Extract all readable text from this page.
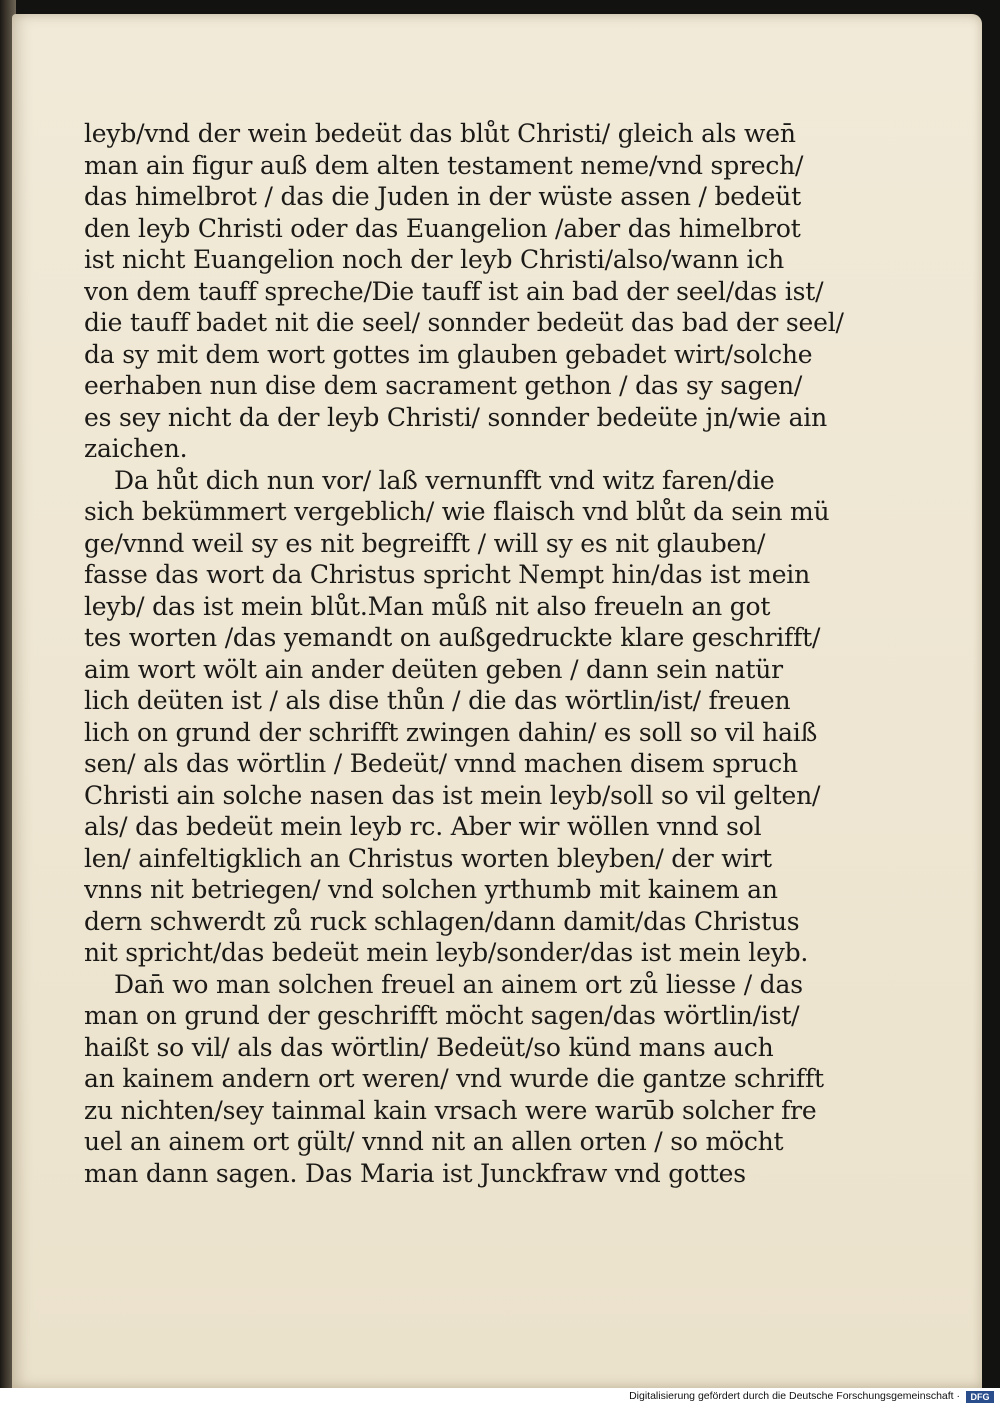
leyb/vnd der wein bedeüt das blůt Christi/ gleich als wen̄
man ain figur auß dem alten testament neme/vnd sprech/
das himelbrot / das die Juden in der wüste assen / bedeüt
den leyb Christi oder das Euangelion /aber das himelbrot
ist nicht Euangelion noch der leyb Christi/also/wann ich
von dem tauff spreche/Die tauff ist ain bad der seel/das ist/
die tauff badet nit die seel/ sonnder bedeüt das bad der seel/
da sy mit dem wort gottes im glauben gebadet wirt/solche
eerhaben nun dise dem sacrament gethon / das sy sagen/
es sey nicht da der leyb Christi/ sonnder bedeüte jn/wie ain
zaichen.
Da hůt dich nun vor/ laß vernunfft vnd witz faren/die
sich bekümmert vergeblich/ wie flaisch vnd blůt da sein mü
ge/vnnd weil sy es nit begreifft / will sy es nit glauben/
fasse das wort da Christus spricht Nempt hin/das ist mein
leyb/ das ist mein blůt.Man můß nit also freueln an got
tes worten /das yemandt on außgedruckte klare geschrifft/
aim wort wölt ain ander deüten geben / dann sein natür
lich deüten ist / als dise thůn / die das wörtlin/ist/ freuen
lich on grund der schrifft zwingen dahin/ es soll so vil haiß
sen/ als das wörtlin / Bedeüt/ vnnd machen disem spruch
Christi ain solche nasen das ist mein leyb/soll so vil gelten/
als/ das bedeüt mein leyb rc. Aber wir wöllen vnnd sol
len/ ainfeltigklich an Christus worten bleyben/ der wirt
vnns nit betriegen/ vnd solchen yrthumb mit kainem an
dern schwerdt zů ruck schlagen/dann damit/das Christus
nit spricht/das bedeüt mein leyb/sonder/das ist mein leyb.
Dan̄ wo man solchen freuel an ainem ort zů liesse / das
man on grund der geschrifft möcht sagen/das wörtlin/ist/
haißt so vil/ als das wörtlin/ Bedeüt/so künd mans auch
an kainem andern ort weren/ vnd wurde die gantze schrifft
zu nichten/sey tainmal kain vrsach were warūb solcher fre
uel an ainem ort gült/ vnnd nit an allen orten / so möcht
man dann sagen. Das Maria ist Junckfraw vnd gottes
Digitalisierung gefördert durch die Deutsche Forschungsgemeinschaft ·	DFG
